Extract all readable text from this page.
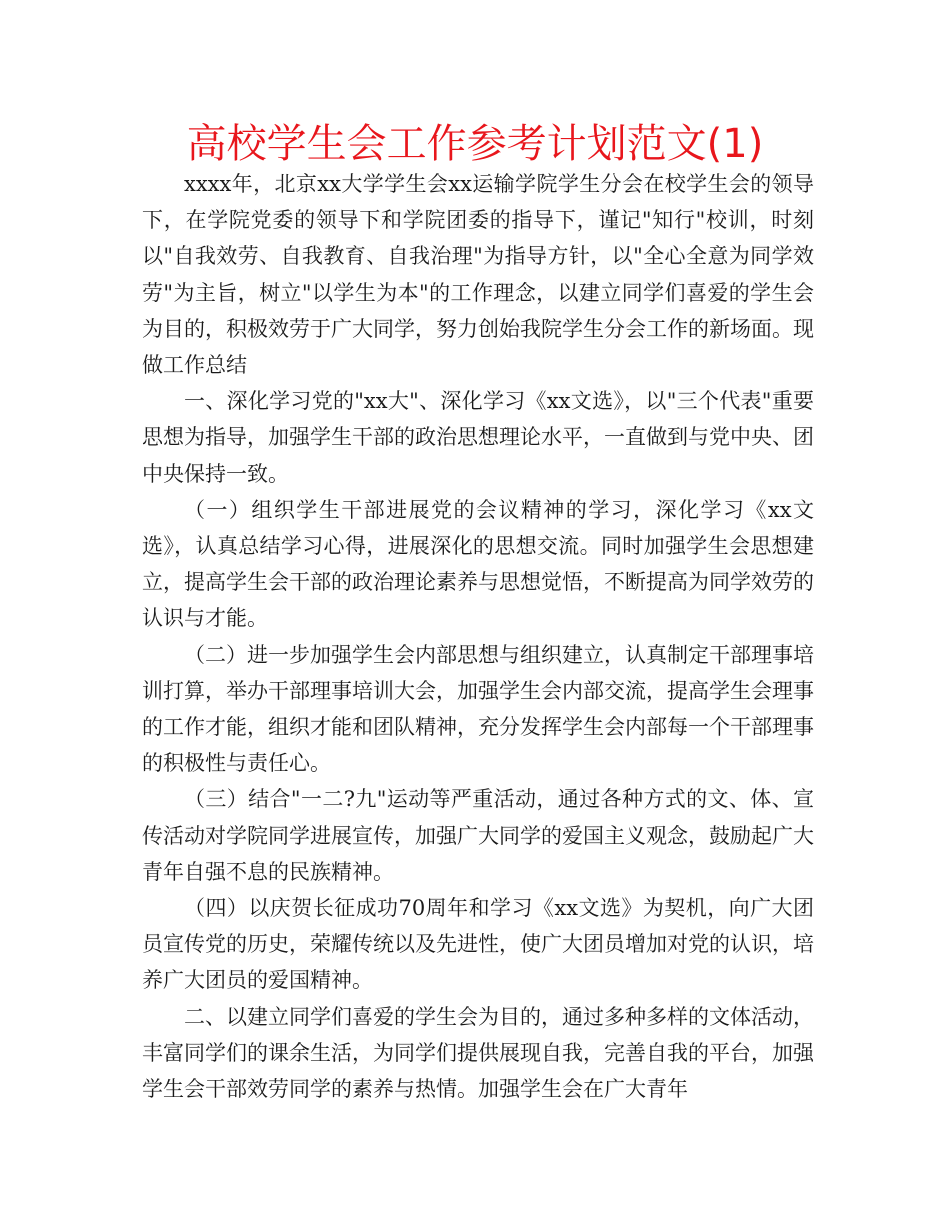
高校学生会工作参考计划范文(1)

xxxx年，北京xx大学学生会xx运输学院学生分会在校学生会的领导下，在学院党委的领导下和学院团委的指导下，谨记"知行"校训，时刻以"自我效劳、自我教育、自我治理"为指导方针，以"全心全意为同学效劳"为主旨，树立"以学生为本"的工作理念，以建立同学们喜爱的学生会为目的，积极效劳于广大同学，努力创始我院学生分会工作的新场面。现做工作总结

一、深化学习党的"xx大"、深化学习《xx文选》，以"三个代表"重要思想为指导，加强学生干部的政治思想理论水平，一直做到与党中央、团中央保持一致。

（一）组织学生干部进展党的会议精神的学习，深化学习《xx文选》，认真总结学习心得，进展深化的思想交流。同时加强学生会思想建立，提高学生会干部的政治理论素养与思想觉悟，不断提高为同学效劳的认识与才能。

（二）进一步加强学生会内部思想与组织建立，认真制定干部理事培训打算，举办干部理事培训大会，加强学生会内部交流，提高学生会理事的工作才能，组织才能和团队精神，充分发挥学生会内部每一个干部理事的积极性与责任心。

（三）结合"一二?九"运动等严重活动，通过各种方式的文、体、宣传活动对学院同学进展宣传，加强广大同学的爱国主义观念，鼓励起广大青年自强不息的民族精神。

（四）以庆贺长征成功70周年和学习《xx文选》为契机，向广大团员宣传党的历史，荣耀传统以及先进性，使广大团员增加对党的认识，培养广大团员的爱国精神。

二、以建立同学们喜爱的学生会为目的，通过多种多样的文体活动，丰富同学们的课余生活，为同学们提供展现自我，完善自我的平台，加强学生会干部效劳同学的素养与热情。加强学生会在广大青年
